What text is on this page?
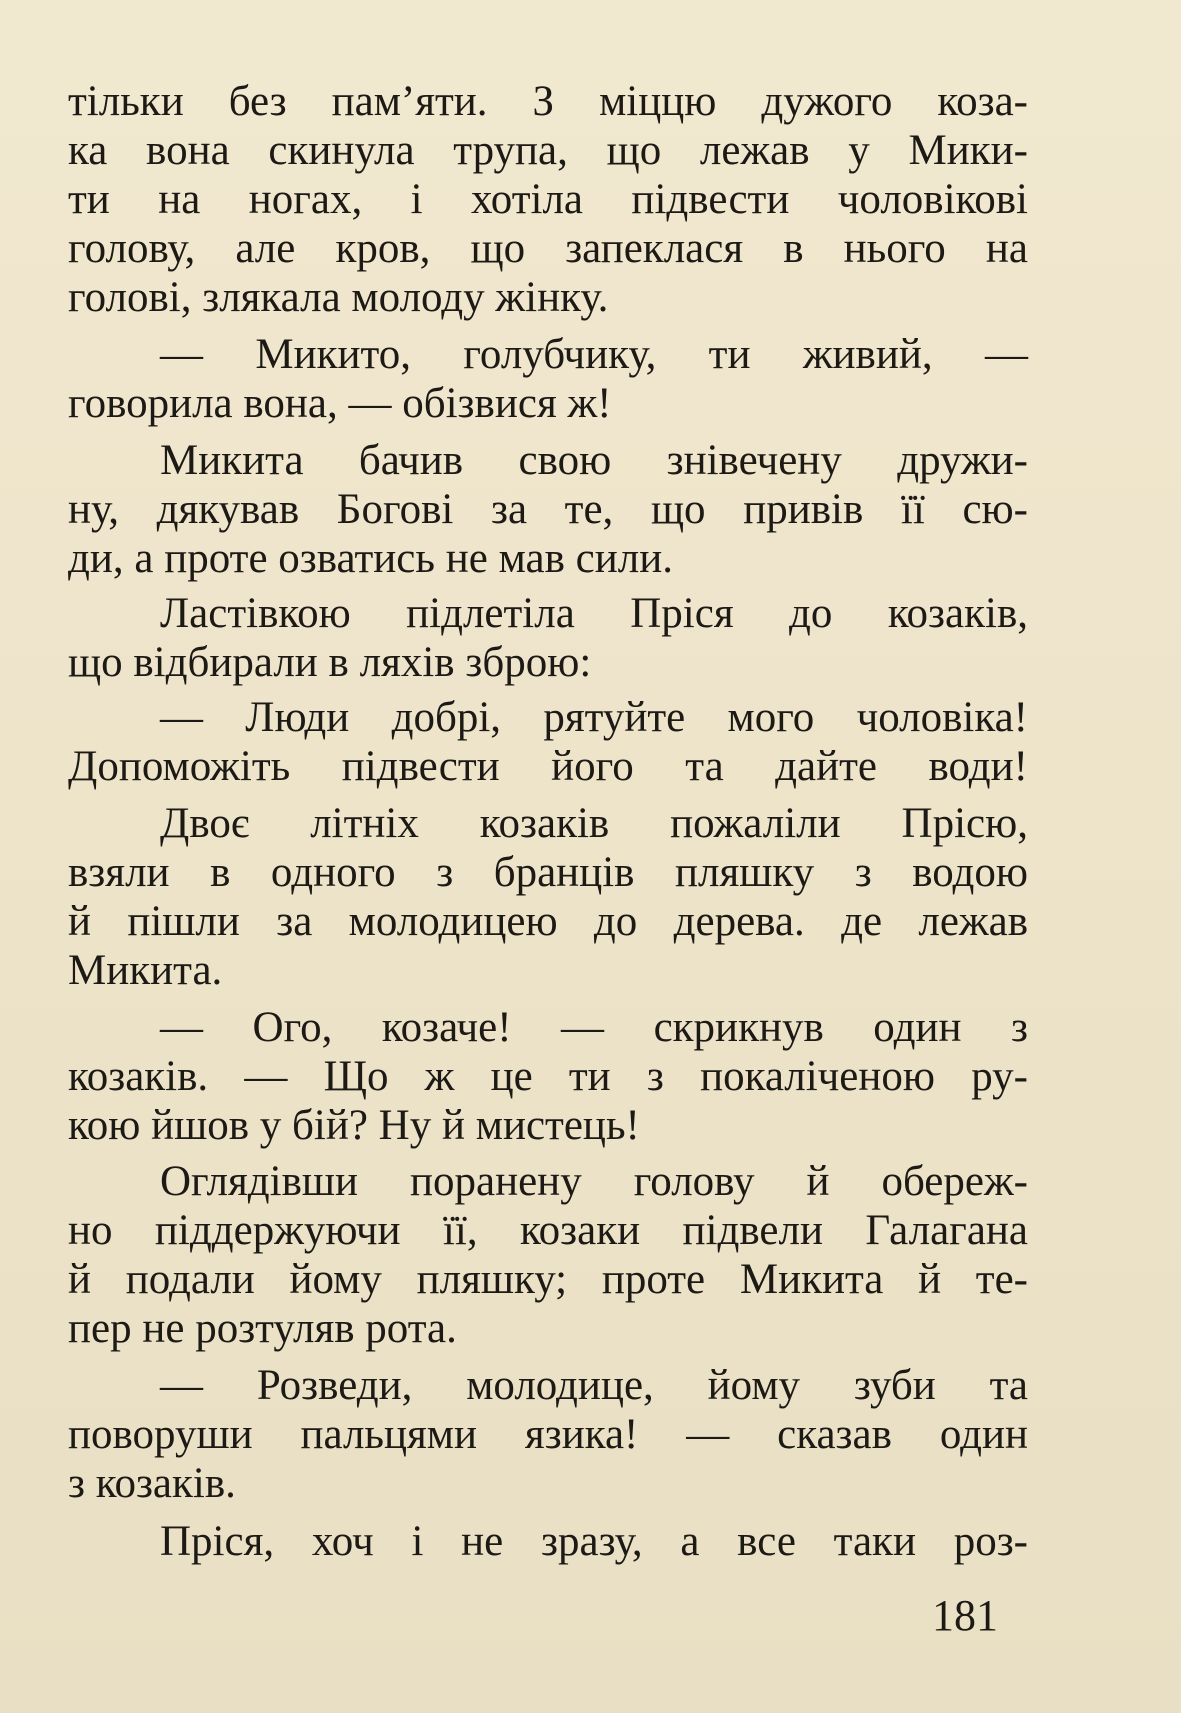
тільки без пам’яти. З міццю дужого коза-
ка вона скинула трупа, що лежав у Мики-
ти на ногах, і хотіла підвести чоловікові
голову, але кров, що запеклася в нього на
голові, злякала молоду жінку.
— Микито, голубчику, ти живий, —
говорила вона, — обізвися ж!
Микита бачив свою знівечену дружи-
ну, дякував Богові за те, що привів її сю-
ди, а проте озватись не мав сили.
Ластівкою підлетіла Пріся до козаків,
що відбирали в ляхів зброю:
— Люди добрі, рятуйте мого чоловіка!
Допоможіть підвести його та дайте води!
Двоє літніх козаків пожаліли Прісю,
взяли в одного з бранців пляшку з водою
й пішли за молодицею до дерева. де лежав
Микита.
— Ого, козаче! — скрикнув один з
козаків. — Що ж це ти з покаліченою ру-
кою йшов у бій? Ну й мистець!
Оглядівши поранену голову й обереж-
но піддержуючи її, козаки підвели Галагана
й подали йому пляшку; проте Микита й те-
пер не розтуляв рота.
— Розведи, молодице, йому зуби та
поворуши пальцями язика! — сказав один
з козаків.
Пріся, хоч і не зразу, а все таки роз-
181
